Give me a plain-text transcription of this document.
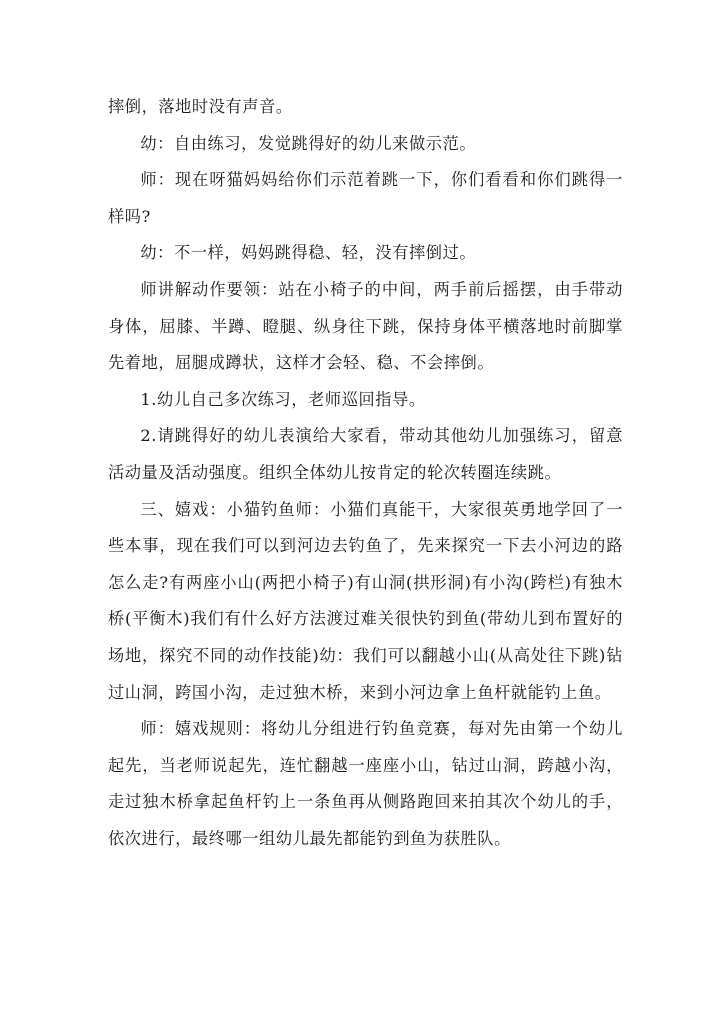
摔倒，落地时没有声音。

幼：自由练习，发觉跳得好的幼儿来做示范。

师：现在呀猫妈妈给你们示范着跳一下，你们看看和你们跳得一样吗?

幼：不一样，妈妈跳得稳、轻，没有摔倒过。

师讲解动作要领：站在小椅子的中间，两手前后摇摆，由手带动身体，屈膝、半蹲、瞪腿、纵身往下跳，保持身体平横落地时前脚掌先着地，屈腿成蹲状，这样才会轻、稳、不会摔倒。

1.幼儿自己多次练习，老师巡回指导。

2.请跳得好的幼儿表演给大家看，带动其他幼儿加强练习，留意活动量及活动强度。组织全体幼儿按肯定的轮次转圈连续跳。

三、嬉戏：小猫钓鱼师：小猫们真能干，大家很英勇地学回了一些本事，现在我们可以到河边去钓鱼了，先来探究一下去小河边的路怎么走?有两座小山(两把小椅子)有山洞(拱形洞)有小沟(跨栏)有独木桥(平衡木)我们有什么好方法渡过难关很快钓到鱼(带幼儿到布置好的场地，探究不同的动作技能)幼：我们可以翻越小山(从高处往下跳)钻过山洞，跨国小沟，走过独木桥，来到小河边拿上鱼杆就能钓上鱼。

师：嬉戏规则：将幼儿分组进行钓鱼竞赛，每对先由第一个幼儿起先，当老师说起先，连忙翻越一座座小山，钻过山洞，跨越小沟，走过独木桥拿起鱼杆钓上一条鱼再从侧路跑回来拍其次个幼儿的手，依次进行，最终哪一组幼儿最先都能钓到鱼为获胜队。
